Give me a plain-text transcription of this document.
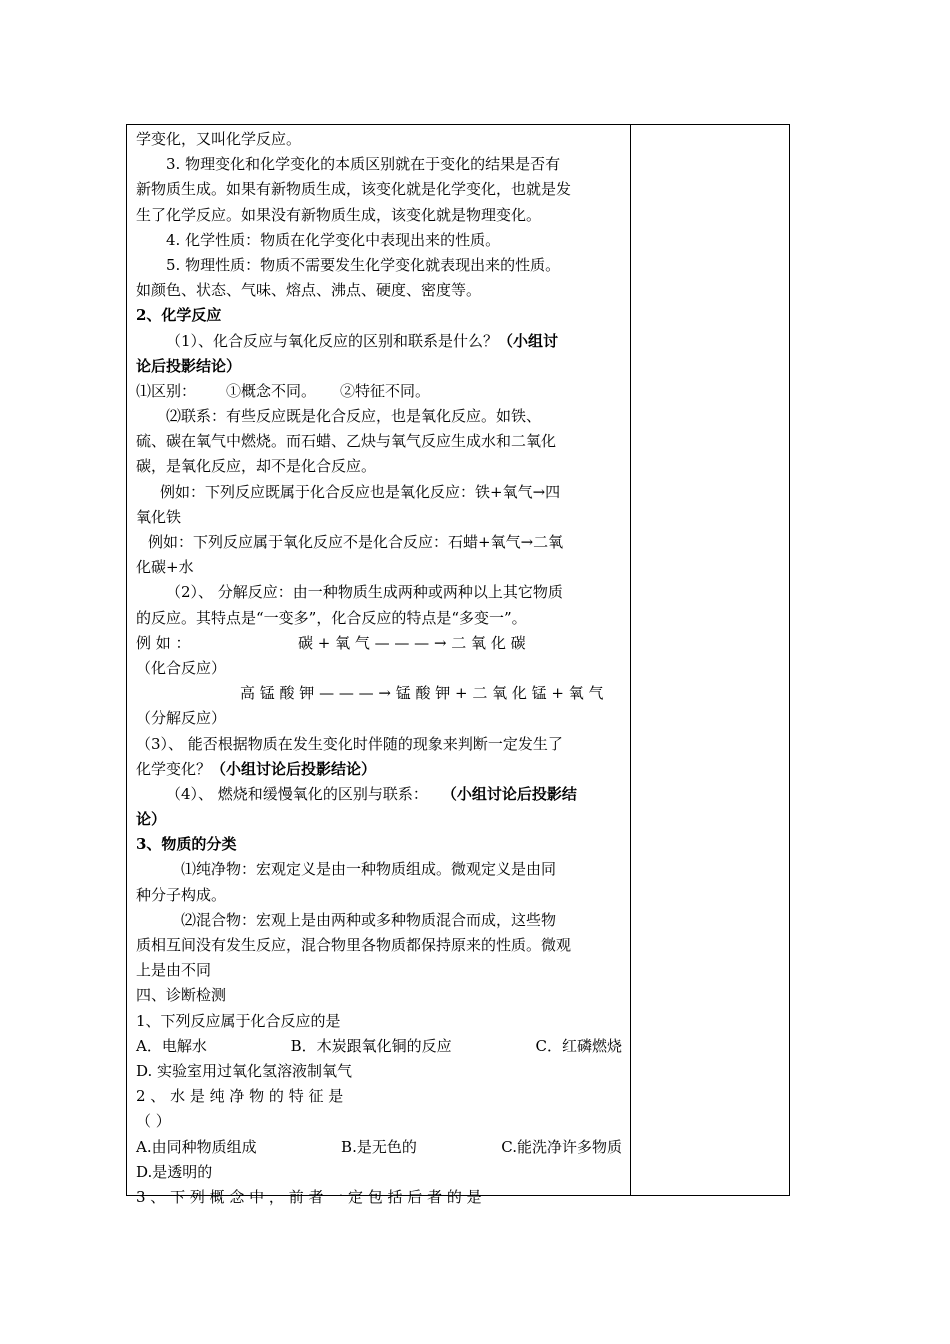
学变化，又叫化学反应。
3. 物理变化和化学变化的本质区别就在于变化的结果是否有
新物质生成。如果有新物质生成，该变化就是化学变化，也就是发
生了化学反应。如果没有新物质生成，该变化就是物理变化。
4. 化学性质：物质在化学变化中表现出来的性质。
5. 物理性质：物质不需要发生化学变化就表现出来的性质。
如颜色、状态、气味、熔点、沸点、硬度、密度等。
2、化学反应
（1）、化合反应与氧化反应的区别和联系是什么？（小组讨
论后投影结论）
⑴区别： ①概念不同。 ②特征不同。
⑵联系：有些反应既是化合反应，也是氧化反应。如铁、
硫、碳在氧气中燃烧。而石蜡、乙炔与氧气反应生成水和二氧化
碳，是氧化反应，却不是化合反应。
例如：下列反应既属于化合反应也是氧化反应：铁+氧气→四
氧化铁
例如：下列反应属于氧化反应不是化合反应：石蜡+氧气→二氧
化碳+水
（2）、 分解反应：由一种物质生成两种或两种以上其它物质
的反应。其特点是“一变多”，化合反应的特点是“多变一”。
例 如 ：	碳 + 氧 气 — — — → 二 氧 化 碳
（化合反应）
高 锰 酸 钾 — — — → 锰 酸 钾 + 二 氧 化 锰 + 氧 气
（分解反应）
（3）、 能否根据物质在发生变化时伴随的现象来判断一定发生了
化学变化？（小组讨论后投影结论）
（4）、 燃烧和缓慢氧化的区别与联系： （小组讨论后投影结
论）
3、物质的分类
⑴纯净物：宏观定义是由一种物质组成。微观定义是由同
种分子构成。
⑵混合物：宏观上是由两种或多种物质混合而成，这些物
质相互间没有发生反应，混合物里各物质都保持原来的性质。微观
上是由不同
四、诊断检测
1、下列反应属于化合反应的是
A．电解水	B．木炭跟氧化铜的反应	C．红磷燃烧
D. 实验室用过氧化氢溶液制氧气
2 、 水 是 纯 净 物 的 特 征 是
（ ）
A.由同种物质组成	B.是无色的	C.能洗净许多物质
D.是透明的
3 、 下 列 概 念 中 ， 前 者 一 定 包 括 后 者 的 是
